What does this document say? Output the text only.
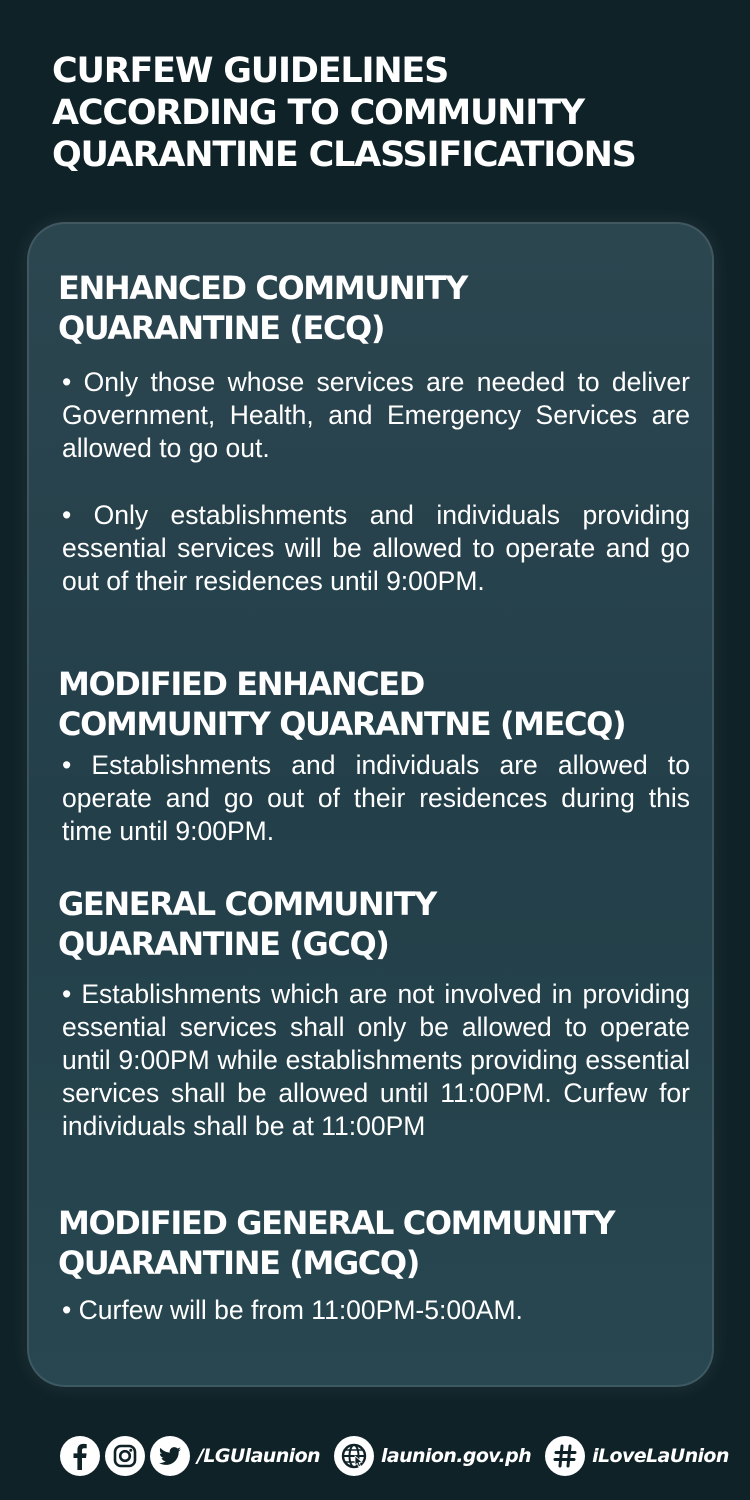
CURFEW GUIDELINES
ACCORDING TO COMMUNITY
QUARANTINE CLASSIFICATIONS
ENHANCED COMMUNITY
QUARANTINE (ECQ)

• Only those whose services are needed to deliver Government, Health, and Emergency Services are allowed to go out.

• Only establishments and individuals providing essential services will be allowed to operate and go out of their residences until 9:00PM.

MODIFIED ENHANCED
COMMUNITY QUARANTNE (MECQ)

• Establishments and individuals are allowed to operate and go out of their residences during this time until 9:00PM.

GENERAL COMMUNITY
QUARANTINE (GCQ)

• Establishments which are not involved in providing essential services shall only be allowed to operate until 9:00PM while establishments providing essential services shall be allowed until 11:00PM. Curfew for individuals shall be at 11:00PM

MODIFIED GENERAL COMMUNITY
QUARANTINE (MGCQ)

• Curfew will be from 11:00PM-5:00AM.

/LGUlaunion	launion.gov.ph	iLoveLaUnion
